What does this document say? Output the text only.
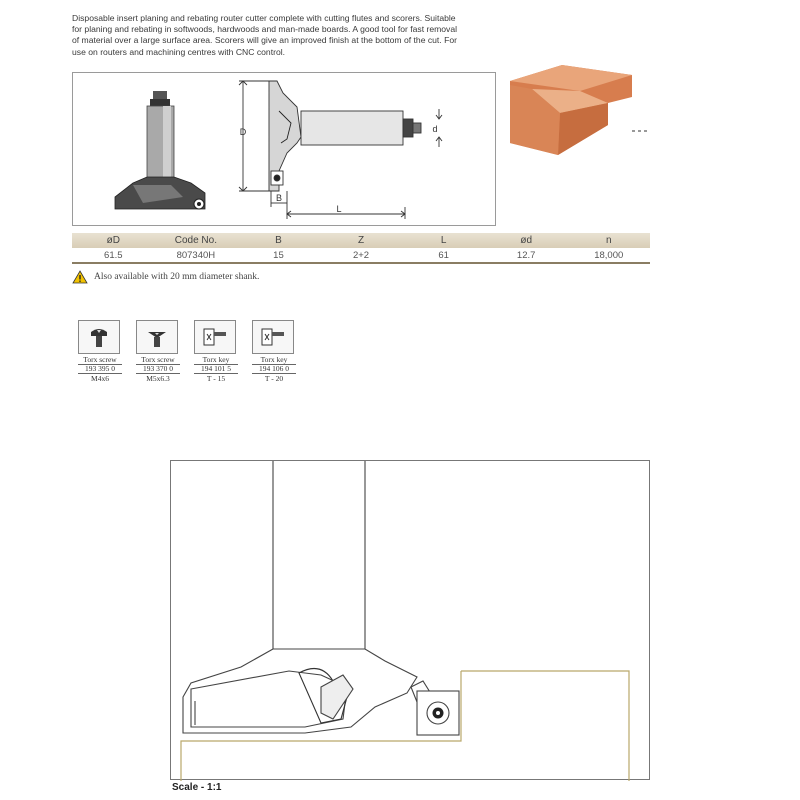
Disposable insert planing and rebating router cutter complete with cutting flutes and scorers. Suitable
for planing and rebating in softwoods, hardwoods and man-made boards. A good tool for fast removal
of material over a large surface area. Scorers will give an improved finish at the bottom of the cut. For
use on routers and machining centres with CNC control.
D
B
L
d
øD	Code No.	B	Z	L	ød	n
61.5	807340H	15	2+2	61	12.7	18,000
Also available with 20 mm diameter shank.
Torx screw
193 395 0
M4x6
Torx screw
193 370 0
M5x6.3
Torx key
194 101 5
T - 15
Torx key
194 106 0
T - 20
Scale - 1:1
